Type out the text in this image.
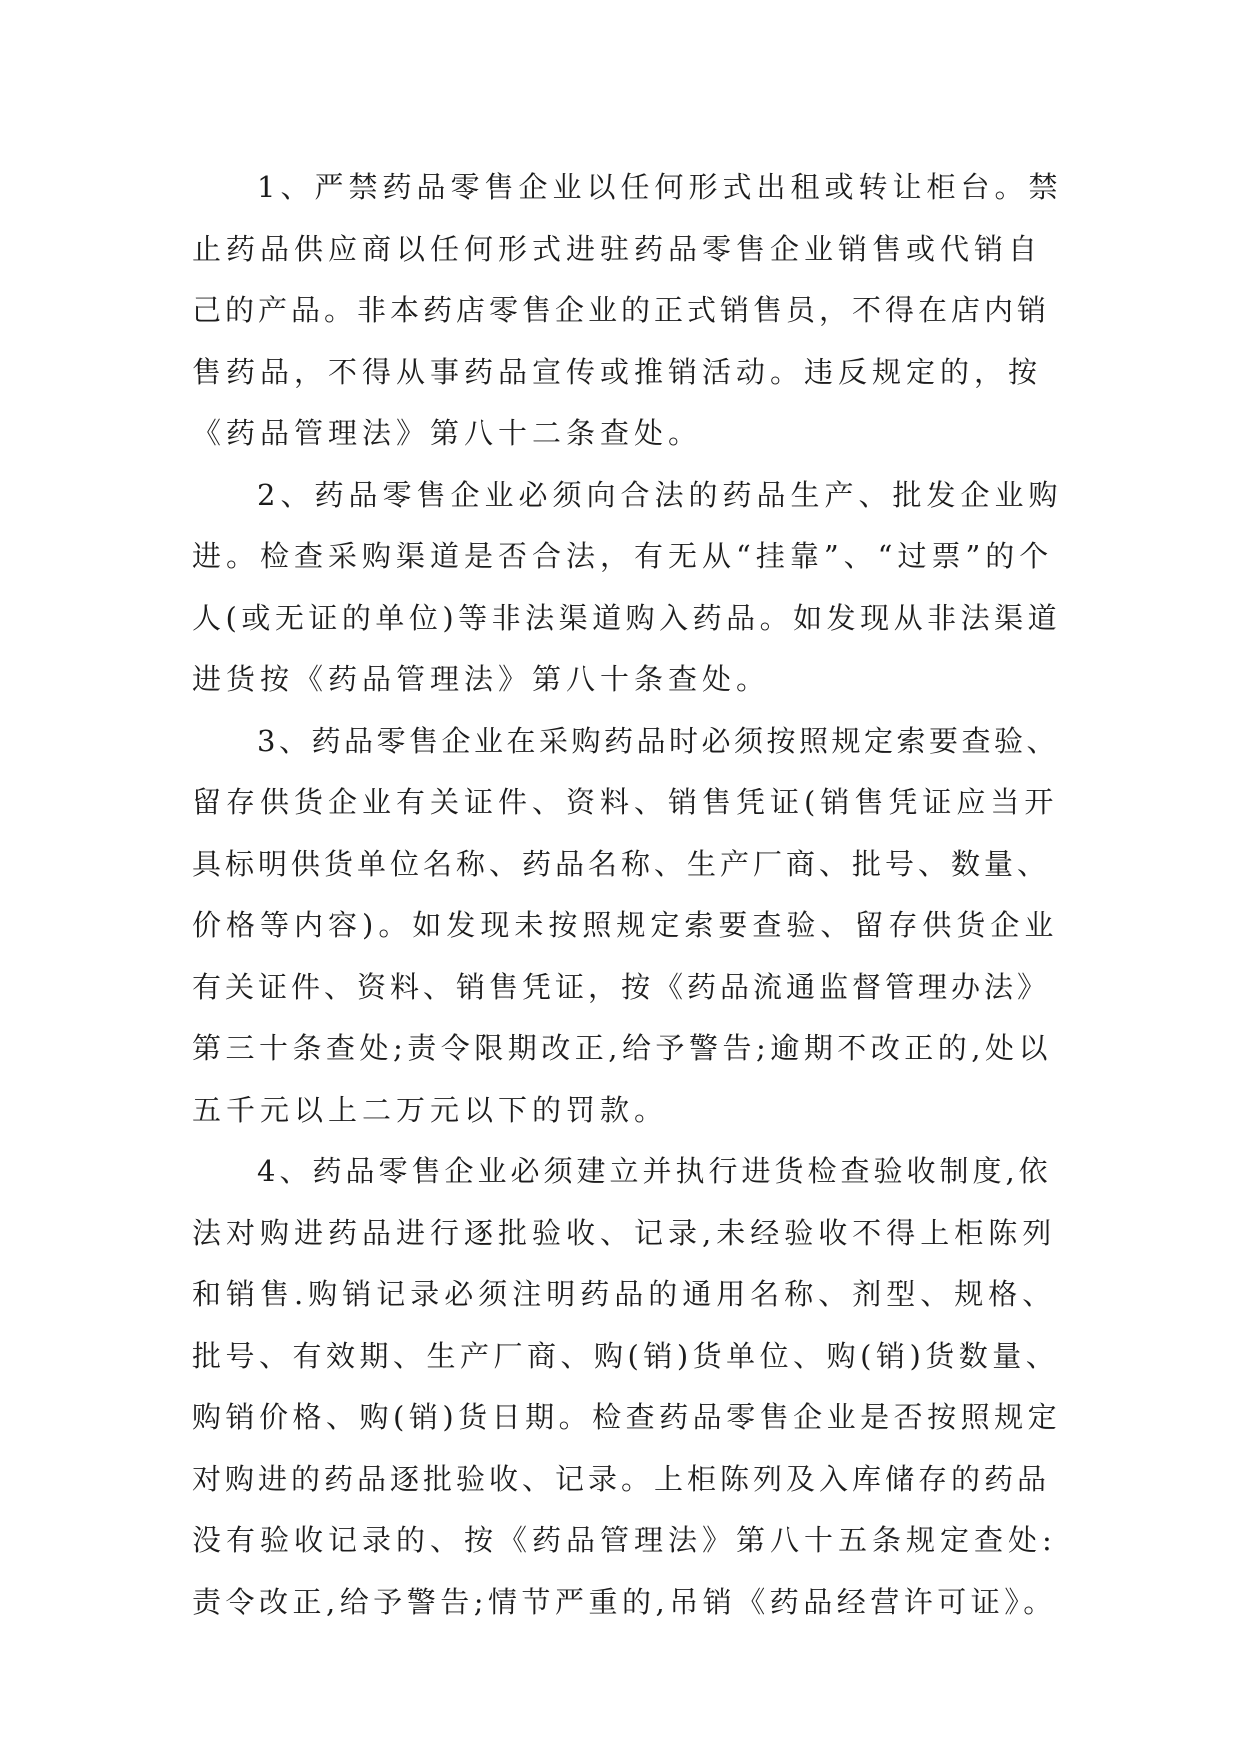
1、严禁药品零售企业以任何形式出租或转让柜台。禁
止药品供应商以任何形式进驻药品零售企业销售或代销自
己的产品。非本药店零售企业的正式销售员，不得在店内销
售药品，不得从事药品宣传或推销活动。违反规定的，按
《药品管理法》第八十二条查处。
2、药品零售企业必须向合法的药品生产、批发企业购
进。检查采购渠道是否合法，有无从“挂靠”、“过票”的个
人(或无证的单位)等非法渠道购入药品。如发现从非法渠道
进货按《药品管理法》第八十条查处。
3、药品零售企业在采购药品时必须按照规定索要查验、
留存供货企业有关证件、资料、销售凭证(销售凭证应当开
具标明供货单位名称、药品名称、生产厂商、批号、数量、
价格等内容)。如发现未按照规定索要查验、留存供货企业
有关证件、资料、销售凭证，按《药品流通监督管理办法》
第三十条查处;责令限期改正,给予警告;逾期不改正的,处以
五千元以上二万元以下的罚款。
4、药品零售企业必须建立并执行进货检查验收制度,依
法对购进药品进行逐批验收、记录,未经验收不得上柜陈列
和销售.购销记录必须注明药品的通用名称、剂型、规格、
批号、有效期、生产厂商、购(销)货单位、购(销)货数量、
购销价格、购(销)货日期。检查药品零售企业是否按照规定
对购进的药品逐批验收、记录。上柜陈列及入库储存的药品
没有验收记录的、按《药品管理法》第八十五条规定查处:
责令改正,给予警告;情节严重的,吊销《药品经营许可证》。
